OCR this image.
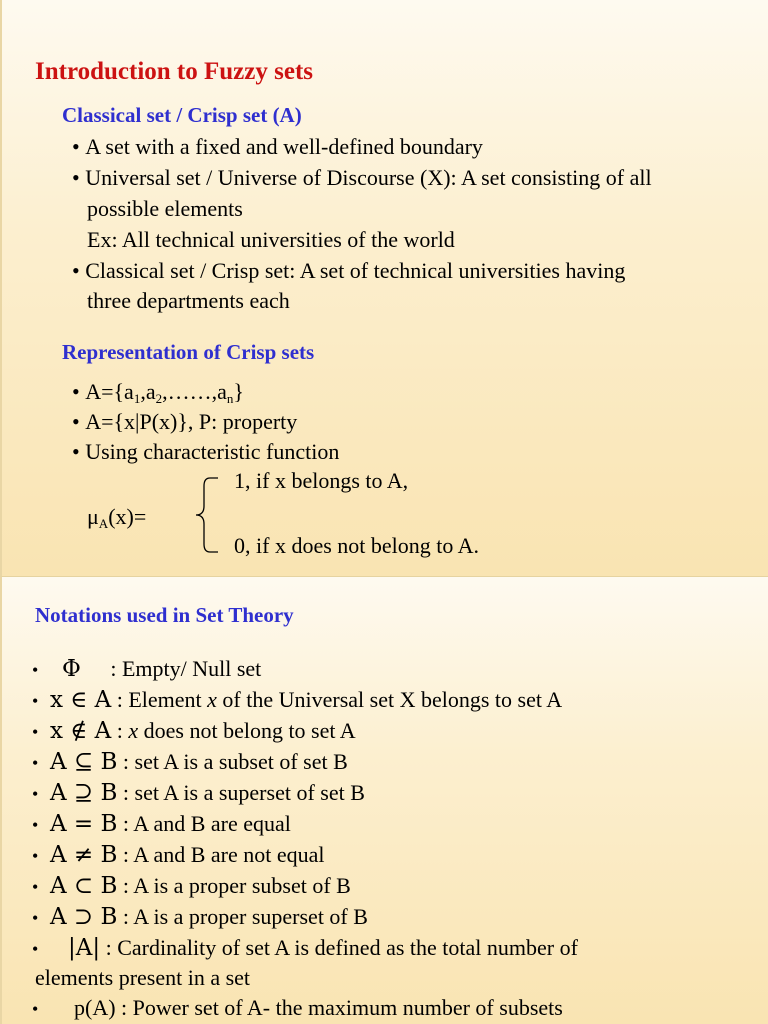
Introduction to Fuzzy sets
Classical set / Crisp set (A)
• A set with a fixed and well-defined boundary
• Universal set / Universe of Discourse (X): A set consisting of all
possible elements
Ex: All technical universities of the world
• Classical set / Crisp set: A set of technical universities having
three departments each
Representation of Crisp sets
• $A=\{a_1,a_2,\dots\dots,a_n\}$
• A={x|P(x)}, P: property
• Using characteristic function
$\mu_A(x)=$
1, if x belongs to A,
0, if x does not belong to A.
Notations used in Set Theory
• Φ : Empty/ Null set
• x ∈ A : Element x of the Universal set X belongs to set A
• x ∉ A : x does not belong to set A
• A ⊆ B : set A is a subset of set B
• A ⊇ B : set A is a superset of set B
• A = B : A and B are equal
• A ≠ B : A and B are not equal
• A ⊂ B : A is a proper subset of B
• A ⊃ B : A is a proper superset of B
• |A| : Cardinality of set A is defined as the total number of
elements present in a set
• p(A) : Power set of A- the maximum number of subsets
